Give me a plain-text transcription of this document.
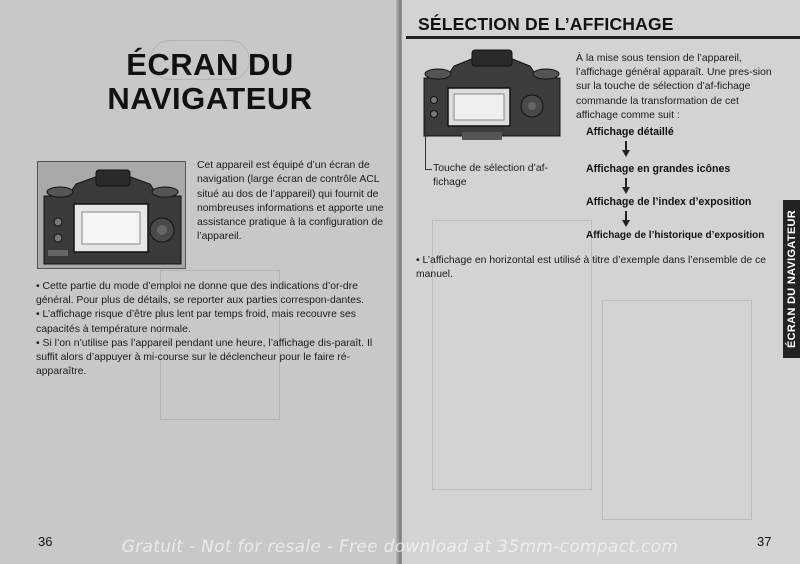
ÉCRAN DU
NAVIGATEUR
Cet appareil est équipé d’un écran de navigation (large écran de contrôle ACL situé au dos de l’appareil) qui fournit de nombreuses informations et apporte une assistance pratique à la configuration de l’appareil.

• Cette partie du mode d’emploi ne donne que des indications d’or-dre général. Pour plus de détails, se reporter aux parties correspon-dantes.

• L’affichage risque d’être plus lent par temps froid, mais recouvre ses capacités à température normale.

• Si l’on n’utilise pas l’appareil pendant une heure, l’affichage dis-paraît. Il suffit alors d’appuyer à mi-course sur le déclencheur pour le faire ré-apparaître.

36
SÉLECTION DE L’AFFICHAGE
Touche de sélection d’af-fichage
À la mise sous tension de l’appareil, l’affichage général apparaît. Une pres-sion sur la touche de sélection d’af-fichage commande la transformation de cet affichage comme suit :
Affichage détaillé
Affichage en grandes icônes
Affichage de l’index d’exposition
Affichage de l’historique d’exposition
• L’affichage en horizontal est utilisé à titre d’exemple dans l’ensemble de ce manuel.	ÉCRAN DU NAVIGATEUR
37
Gratuit - Not for resale - Free download at 35mm-compact.com
